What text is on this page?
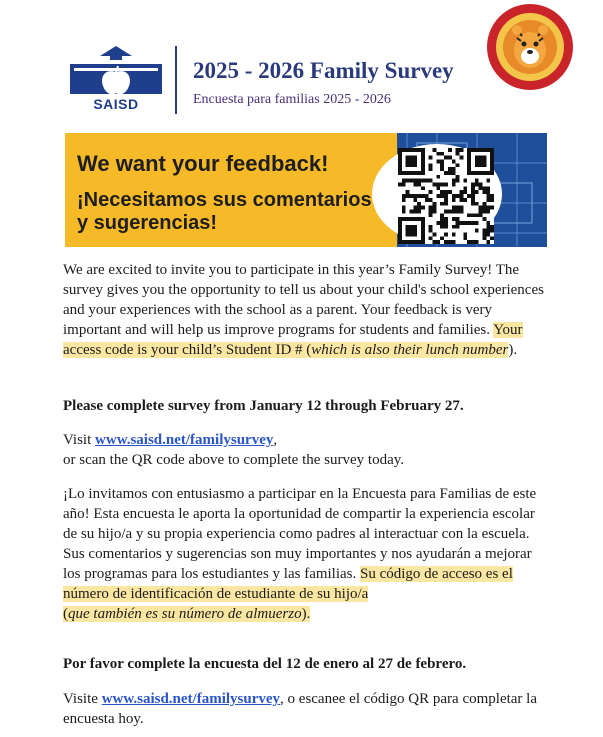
SAISD
2025 - 2026 Family Survey
Encuesta para familias 2025 - 2026
We want your feedback!
¡Necesitamos sus comentarios y sugerencias!
We are excited to invite you to participate in this year’s Family Survey! The survey gives you the opportunity to tell us about your child's school experiences and your experiences with the school as a parent. Your feedback is very important and will help us improve programs for students and families. Your access code is your child’s Student ID # (which is also their lunch number).
Please complete survey from January 12 through February 27.
Visit www.saisd.net/familysurvey,
or scan the QR code above to complete the survey today.
¡Lo invitamos con entusiasmo a participar en la Encuesta para Familias de este año! Esta encuesta le aporta la oportunidad de compartir la experiencia escolar de su hijo/a y su propia experiencia como padres al interactuar con la escuela. Sus comentarios y sugerencias son muy importantes y nos ayudarán a mejorar los programas para los estudiantes y las familias. Su código de acceso es el número de identificación de estudiante de su hijo/a
(que también es su número de almuerzo).
Por favor complete la encuesta del 12 de enero al 27 de febrero.
Visite www.saisd.net/familysurvey, o escanee el código QR para completar la encuesta hoy.
